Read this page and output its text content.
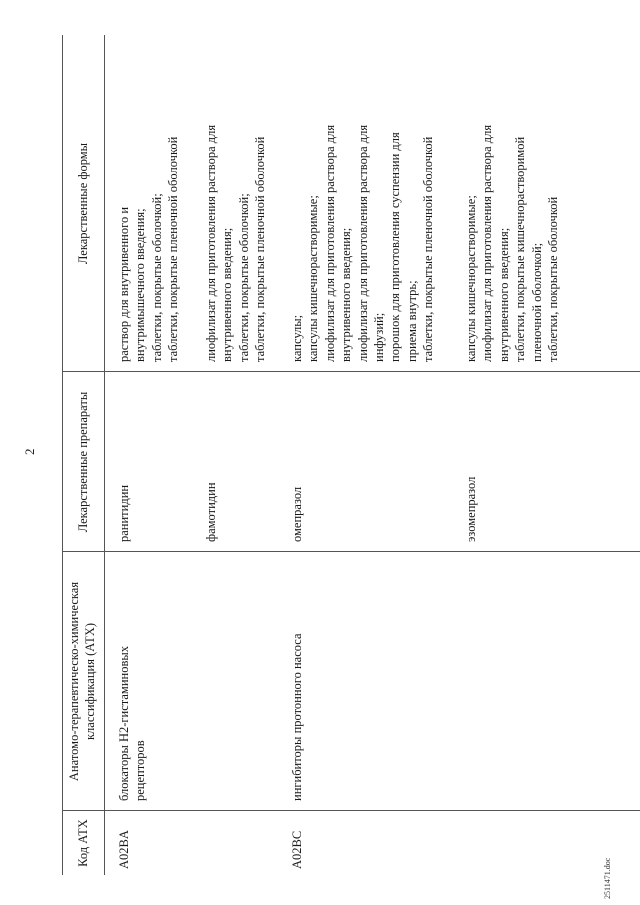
2
Код АТХ
Анатомо-терапевтическо-химическая классификация (АТХ)
Лекарственные препараты
Лекарственные формы
A02BA
блокаторы H2-гистаминовых рецепторов
ранитидин
раствор для внутривенного и внутримышечного введения; таблетки, покрытые оболочкой; таблетки, покрытые пленочной оболочкой
фамотидин
лиофилизат для приготовления раствора для внутривенного введения; таблетки, покрытые оболочкой; таблетки, покрытые пленочной оболочкой
A02BC
ингибиторы протонного насоса
омепразол
капсулы; капсулы кишечнорастворимые; лиофилизат для приготовления раствора для внутривенного введения; лиофилизат для приготовления раствора для инфузий; порошок для приготовления суспензии для приема внутрь; таблетки, покрытые пленочной оболочкой
эзомепразол
капсулы кишечнорастворимые; лиофилизат для приготовления раствора для внутривенного введения; таблетки, покрытые кишечнорастворимой пленочной оболочкой; таблетки, покрытые оболочкой
2511471.doc
